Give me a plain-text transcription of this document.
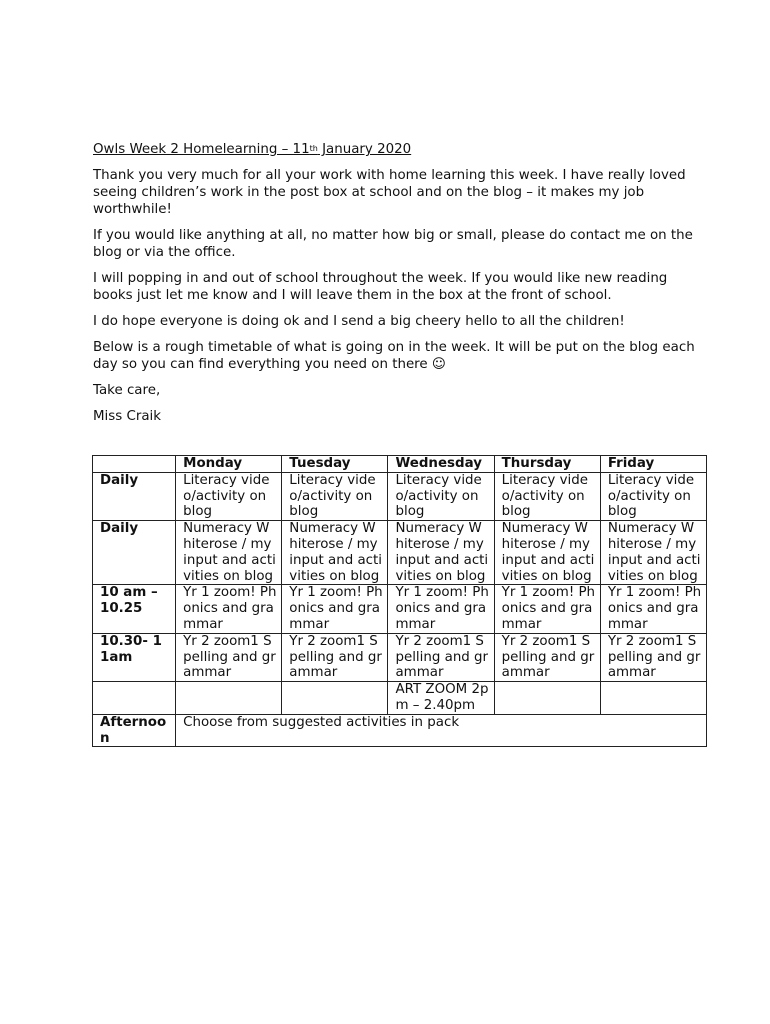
Owls Week 2 Homelearning – 11th January 2020

Thank you very much for all your work with home learning this week. I have really loved seeing children’s work in the post box at school and on the blog – it makes my job worthwhile!

If you would like anything at all, no matter how big or small, please do contact me on the blog or via the office.

I will popping in and out of school throughout the week. If you would like new reading books just let me know and I will leave them in the box at the front of school.

I do hope everyone is doing ok and I send a big cheery hello to all the children!

Below is a rough timetable of what is going on in the week. It will be put on the blog each day so you can find everything you need on there ☺

Take care,

Miss Craik

	Monday	Tuesday	Wednesday	Thursday	Friday
Daily	Literacy video/activity on blog	Literacy video/activity on blog	Literacy video/activity on blog	Literacy video/activity on blog	Literacy video/activity on blog
Daily	Numeracy Whiterose / my input and activities on blog	Numeracy Whiterose / my input and activities on blog	Numeracy Whiterose / my input and activities on blog	Numeracy Whiterose / my input and activities on blog	Numeracy Whiterose / my input and activities on blog
10 am – 10.25	Yr 1 zoom! Phonics and grammar	Yr 1 zoom! Phonics and grammar	Yr 1 zoom! Phonics and grammar	Yr 1 zoom! Phonics and grammar	Yr 1 zoom! Phonics and grammar
10.30- 11am	Yr 2 zoom1 Spelling and grammar	Yr 2 zoom1 Spelling and grammar	Yr 2 zoom1 Spelling and grammar	Yr 2 zoom1 Spelling and grammar	Yr 2 zoom1 Spelling and grammar
			ART ZOOM 2pm – 2.40pm		
Afternoon	Choose from suggested activities in pack				
